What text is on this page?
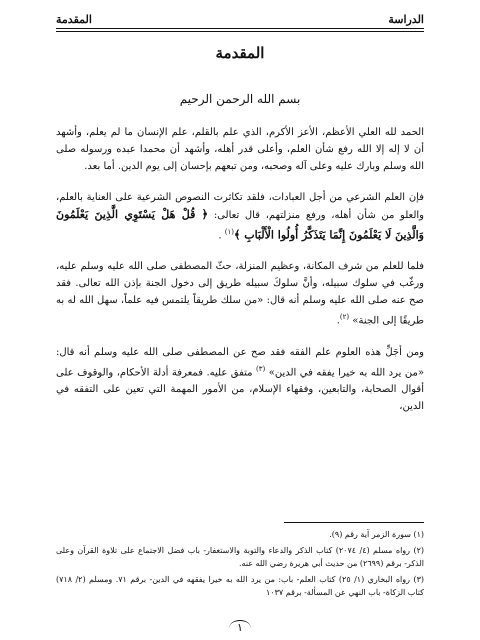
الدراسة
المقدمة
المقدمة
بسم الله الرحمن الرحيم

الحمد لله العلي الأعظم، الأعز الأكرم، الذي علم بالقلم، علم الإنسان ما لم يعلم، وأشهد أن لا إله إلا الله رفع شأن العلم، وأعلى قدر أهله، وأشهد أن محمدا عبده ورسوله صلى الله وسلم وبارك عليه وعلى آله وصحبه، ومن تبعهم بإحسان إلى يوم الدين. أما بعد.

فإن العلم الشرعي من أجل العبادات، فلقد تكاثرت النصوص الشرعية على العناية بالعلم، والعلو من شأن أهله، ورفع منزلتهم، قال تعالى: ﴿ قُلْ هَلْ يَسْتَوِي الَّذِينَ يَعْلَمُونَ وَالَّذِينَ لَا يَعْلَمُونَ إِنَّمَا يَتَذَكَّرُ أُولُوا الْأَلْبَابِ ﴾$^{(١)}$ .

فلما للعلم من شرف المكانة، وعظيم المنزلة، حثّ المصطفى صلى الله عليه وسلم عليه، ورغّب في سلوك سبيله، وأنَّ سلوكَ سبيله طريق إلى دخول الجنة بإذن الله تعالى. فقد صح عنه صلى الله عليه وسلم أنه قال: «من سلك طريقاً يلتمس فيه علماً، سهل الله له به طريقًا إلى الجنة» $^{(٢)}$.

ومن أجَلِّ هذه العلوم علم الفقه فقد صح عن المصطفى صلى الله عليه وسلم أنه قال: «من يرد الله به خيرا يفقه في الدين» $^{(٣)}$ متفق عليه. فمعرفة أدلة الأحكام، والوقوف على أقوال الصحابة، والتابعين، وفقهاء الإسلام، من الأمور المهمة التي تعين على التفقه في الدين،

(١) سورة الزمر آية رقم (٩).
(٢) رواه مسلم (٤/ ٢٠٧٤) كتاب الذكر والدعاء والتوبة والاستغفار- باب فضل الاجتماع على تلاوة القرآن وعلى الذكر- برقم (٢٦٩٩) من حديث أبي هريرة رضي الله عنه.
(٣) رواه البخاري (١/ ٢٥) كتاب العلم- باب: من يرد الله به خيرا يفقهه في الدين- برقم ٧١. ومسلم (٢/ ٧١٨) كتاب الزكاة- باب النهي عن المسألة- برقم ١٠٣٧
١
